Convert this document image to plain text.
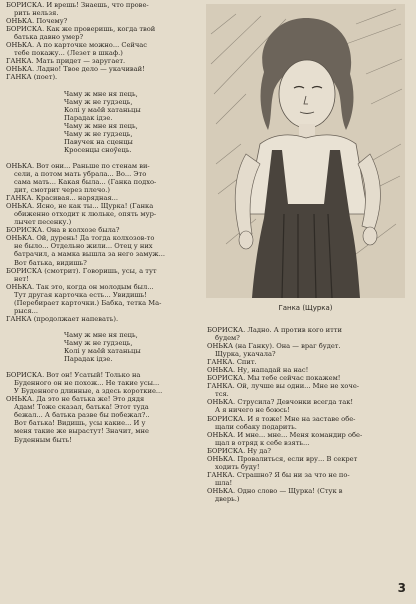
БОРИСКА. И врешь! Знаешь, что прове-
рить нельзя.
ОНЬКА. Почему?
БОРИСКА. Как же проверишь, когда твой
батька давно умер?
ОНЬКА. А по карточке можно... Сейчас
тебе покажу... (Лезет в шкаф.)
ГАНКА. Мать придет — заругает.
ОНЬКА. Ладно! Твое дело — укачивай!
ГАНКА (поет).
Чаму ж мне ня пець,
Чаму ж не гудзець,
Колі у маёй хатаньцы
Парадак ідзе.
Чаму ж мне ня пець,
Чаму ж не гудзець,
Павучек на сценцы
Кросенцы сноўець.
ОНЬКА. Вот они... Раньше по стенам ви-
сели, а потом мать убрала... Во... Это
сама мать... Какая была... (Ганка подхо-
дит, смотрит через плечо.)
ГАНКА. Красивая... нарядная...
ОНЬКА. Ясно, не как ты... Щурка! (Ганка
обиженно отходит к люльке, опять мур-
лычет песенку.)
БОРИСКА. Она в колхозе была?
ОНЬКА. Ой, дурень! Да тогда колхозов-то
не было... Отдельно жили... Отец у них
батрачил, а мамка вышла за него замуж...
Вот батька, видишь?
БОРИСКА (смотрит). Говоришь, усы, а тут
нет!
ОНЬКА. Так это, когда он молодым был...
Тут другая карточка есть... Увидишь!
(Перебирает карточки.) Бабка, тетка Ма-
рыся...
ГАНКА (продолжает напевать).
Чаму ж мне ня пець,
Чаму ж не гудзець,
Колі у маёй хатаньцы
Парадак ідзе.
БОРИСКА. Вот он! Усатый! Только на
Буденного он не похож... Не такие усы...
У Буденного длинные, а здесь короткие...
ОНЬКА. Да это не батька же! Это дядя
Адам! Тоже сказал, батька! Этот туда
бежал... А батька разве бы побежал?..
Вот батька! Видишь, усы какие... И у
меня такие же вырастут! Значит, мне
Буденным быть!
Ганка (Щурка)
БОРИСКА. Ладно. А против кого итти
будем?
ОНЬКА (на Ганку). Она — враг будет.
Щурка, укачала?
ГАНКА. Спит.
ОНЬКА. Ну, нападай на нас!
БОРИСКА. Мы тебе сейчас покажем!
ГАНКА. Ой, лучше вы одни... Мне не хоче-
тся.
ОНЬКА. Струсила? Девчонки всегда так!
А я ничего не боюсь!
БОРИСКА. И я тоже! Мне на заставе обе-
щали собаку подарить.
ОНЬКА. И мне... мне... Меня командир обе-
щал в отряд к себе взять...
БОРИСКА. Ну да?
ОНЬКА. Провалиться, если вру... В секрет
ходить буду!
ГАНКА. Страшно? Я бы ни за что не по-
шла!
ОНЬКА. Одно слово — Щурка! (Стук в
дверь.)
3
